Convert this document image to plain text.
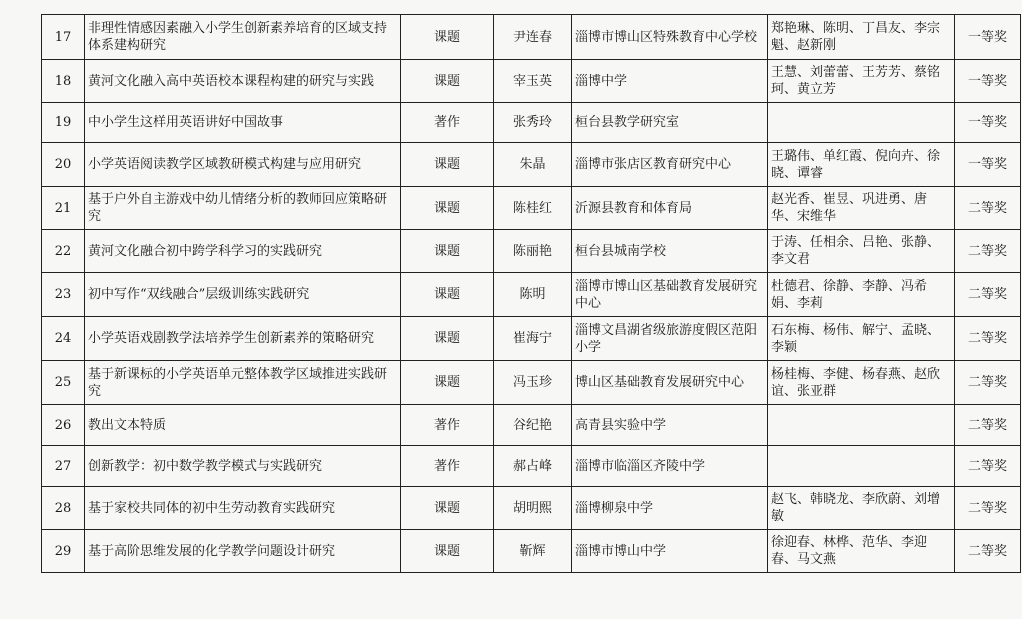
17	非理性情感因素融入小学生创新素养培育的区域支持体系建构研究	课题	尹连春	淄博市博山区特殊教育中心学校	郑艳琳、陈明、丁昌友、李宗魁、赵新刚	一等奖
18	黄河文化融入高中英语校本课程构建的研究与实践	课题	宰玉英	淄博中学	王慧、刘蕾蕾、王芳芳、蔡铭珂、黄立芳	一等奖
19	中小学生这样用英语讲好中国故事	著作	张秀玲	桓台县教学研究室		一等奖
20	小学英语阅读教学区域教研模式构建与应用研究	课题	朱晶	淄博市张店区教育研究中心	王璐伟、单红霞、倪向卉、徐晓、谭睿	一等奖
21	基于户外自主游戏中幼儿情绪分析的教师回应策略研究	课题	陈桂红	沂源县教育和体育局	赵光香、崔昱、巩进勇、唐华、宋维华	二等奖
22	黄河文化融合初中跨学科学习的实践研究	课题	陈丽艳	桓台县城南学校	于涛、任相余、吕艳、张静、李文君	二等奖
23	初中写作“双线融合”层级训练实践研究	课题	陈明	淄博市博山区基础教育发展研究中心	杜德君、徐静、李静、冯希娟、李莉	二等奖
24	小学英语戏剧教学法培养学生创新素养的策略研究	课题	崔海宁	淄博文昌湖省级旅游度假区范阳小学	石东梅、杨伟、解宁、孟晓、李颖	二等奖
25	基于新课标的小学英语单元整体教学区域推进实践研究	课题	冯玉珍	博山区基础教育发展研究中心	杨桂梅、李健、杨春燕、赵欣谊、张亚群	二等奖
26	教出文本特质	著作	谷纪艳	高青县实验中学		二等奖
27	创新教学：初中数学教学模式与实践研究	著作	郝占峰	淄博市临淄区齐陵中学		二等奖
28	基于家校共同体的初中生劳动教育实践研究	课题	胡明熙	淄博柳泉中学	赵飞、韩晓龙、李欣蔚、刘增敏	二等奖
29	基于高阶思维发展的化学教学问题设计研究	课题	靳辉	淄博市博山中学	徐迎春、林桦、范华、李迎春、马文燕	二等奖
